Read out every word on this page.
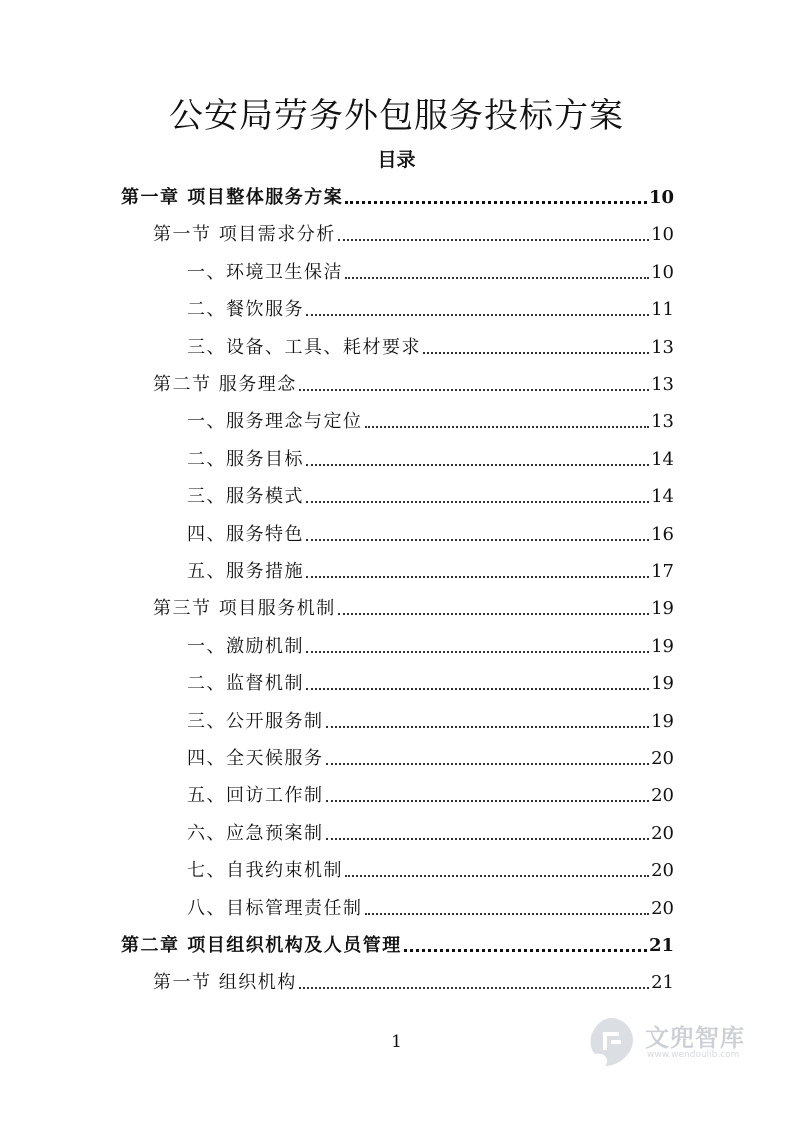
公安局劳务外包服务投标方案
目录
第一章 项目整体服务方案	10
第一节 项目需求分析	10
一、环境卫生保洁	10
二、餐饮服务	11
三、设备、工具、耗材要求	13
第二节 服务理念	13
一、服务理念与定位	13
二、服务目标	14
三、服务模式	14
四、服务特色	16
五、服务措施	17
第三节 项目服务机制	19
一、激励机制	19
二、监督机制	19
三、公开服务制	19
四、全天候服务	20
五、回访工作制	20
六、应急预案制	20
七、自我约束机制	20
八、目标管理责任制	20
第二章 项目组织机构及人员管理	21
第一节 组织机构	21
1	文兜智库
www.wendoulib.com
